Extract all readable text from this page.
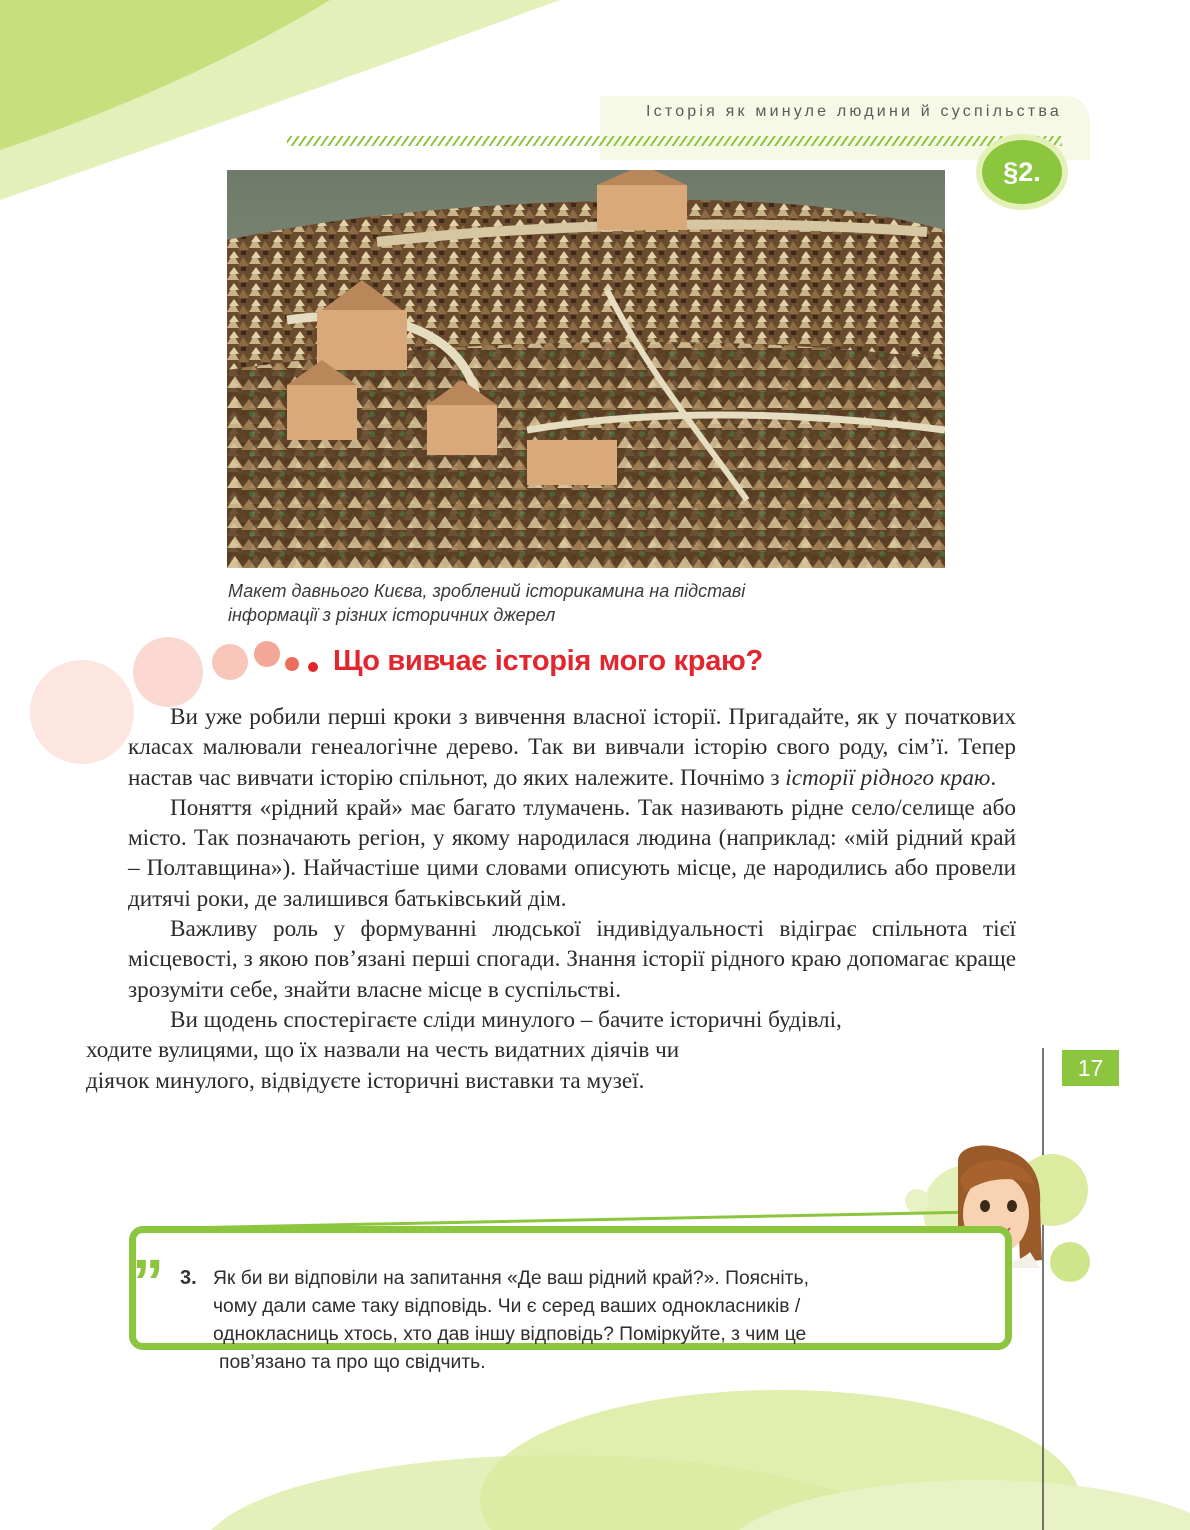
Історія як минуле людини й суспільства
§2.
Макет давнього Києва, зроблений історикамина на підставі
інформації з різних історичних джерел
Що вивчає історія мого краю?

Ви уже робили перші кроки з вивчення власної історії. Пригадайте, як у початкових класах малювали генеалогічне дерево. Так ви вивчали історію свого роду, сім’ї. Тепер настав час вивчати історію спільнот, до яких належите. Почнімо з історії рідного краю.

Поняття «рідний край» має багато тлумачень. Так називають рідне село/селище або місто. Так позначають регіон, у якому народилася людина (наприклад: «мій рідний край – Полтавщина»). Найчастіше цими словами описують місце, де народились або провели дитячі роки, де залишився батьківський дім.

Важливу роль у формуванні людської індивідуальності відіграє спільнота тієї місцевості, з якою пов’язані перші спогади. Знання історії рідного краю допомагає краще зрозуміти себе, знайти власне місце в суспільстві.

Ви щодень спостерігаєте сліди минулого – бачите історичні будівлі,
ходите вулицями, що їх назвали на честь видатних діячів чи
діячок минулого, відвідуєте історичні виставки та музеї.

„ 3. Як би ви відповіли на запитання «Де ваш рідний край?». Поясніть,
чому дали саме таку відповідь. Чи є серед ваших однокласників /
однокласниць хтось, хто дав іншу відповідь? Поміркуйте, з чим це
пов’язано та про що свідчить.
17
